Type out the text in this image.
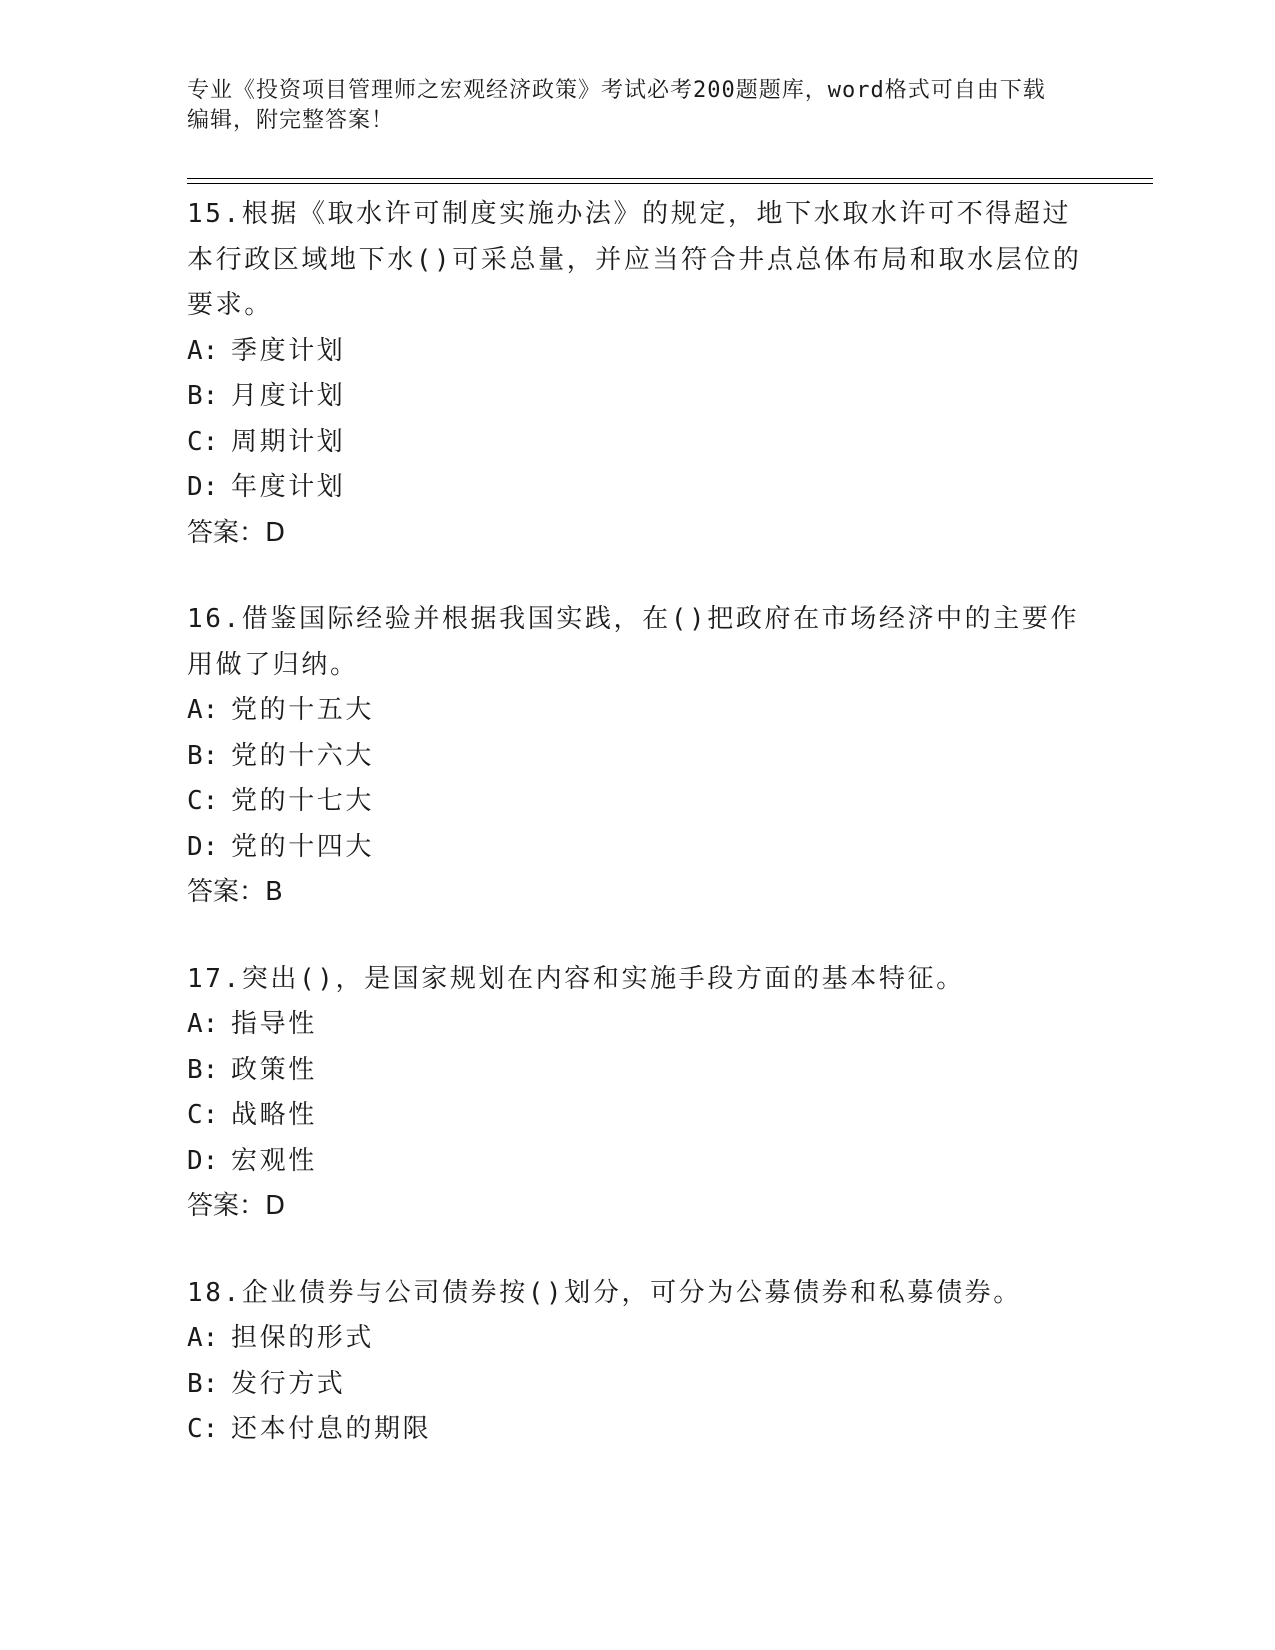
专业《投资项目管理师之宏观经济政策》考试必考200题题库，word格式可自由下载编辑，附完整答案！

15.根据《取水许可制度实施办法》的规定，地下水取水许可不得超过本行政区域地下水()可采总量，并应当符合井点总体布局和取水层位的要求。

A: 季度计划

B: 月度计划

C: 周期计划

D: 年度计划

答案：D

16.借鉴国际经验并根据我国实践，在()把政府在市场经济中的主要作用做了归纳。

A: 党的十五大

B: 党的十六大

C: 党的十七大

D: 党的十四大

答案：B

17.突出()，是国家规划在内容和实施手段方面的基本特征。

A: 指导性

B: 政策性

C: 战略性

D: 宏观性

答案：D

18.企业债券与公司债券按()划分，可分为公募债券和私募债券。

A: 担保的形式

B: 发行方式

C: 还本付息的期限
